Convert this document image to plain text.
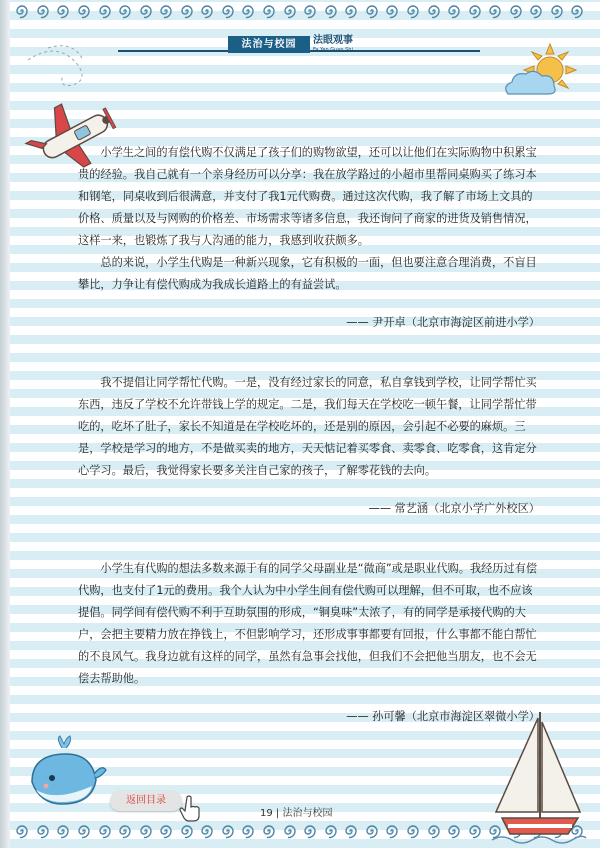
法治与校园	法眼观事
Fa Yan Guan Shi

小学生之间的有偿代购不仅满足了孩子们的购物欲望，还可以让他们在实际购物中积累宝贵的经验。我自己就有一个亲身经历可以分享：我在放学路过的小超市里帮同桌购买了练习本和钢笔，同桌收到后很满意，并支付了我1元代购费。通过这次代购，我了解了市场上文具的价格、质量以及与网购的价格差、市场需求等诸多信息，我还询问了商家的进货及销售情况，这样一来，也锻炼了我与人沟通的能力，我感到收获颇多。

总的来说，小学生代购是一种新兴现象，它有积极的一面，但也要注意合理消费，不盲目攀比，力争让有偿代购成为我成长道路上的有益尝试。

—— 尹开卓（北京市海淀区前进小学）

我不提倡让同学帮忙代购。一是，没有经过家长的同意，私自拿钱到学校，让同学帮忙买东西，违反了学校不允许带钱上学的规定。二是，我们每天在学校吃一顿午餐，让同学帮忙带吃的，吃坏了肚子，家长不知道是在学校吃坏的，还是别的原因，会引起不必要的麻烦。三是，学校是学习的地方，不是做买卖的地方，天天惦记着买零食、卖零食、吃零食，这肯定分心学习。最后，我觉得家长要多关注自己家的孩子，了解零花钱的去向。

—— 常艺涵（北京小学广外校区）

小学生有代购的想法多数来源于有的同学父母副业是“微商”或是职业代购。我经历过有偿代购，也支付了1元的费用。我个人认为中小学生间有偿代购可以理解，但不可取，也不应该提倡。同学间有偿代购不利于互助氛围的形成，“铜臭味”太浓了，有的同学是承接代购的大户，会把主要精力放在挣钱上，不但影响学习，还形成事事都要有回报，什么事都不能白帮忙的不良风气。我身边就有这样的同学，虽然有急事会找他，但我们不会把他当朋友，也不会无偿去帮助他。

—— 孙可馨（北京市海淀区翠微小学）

返回目录
19 | 法治与校园
